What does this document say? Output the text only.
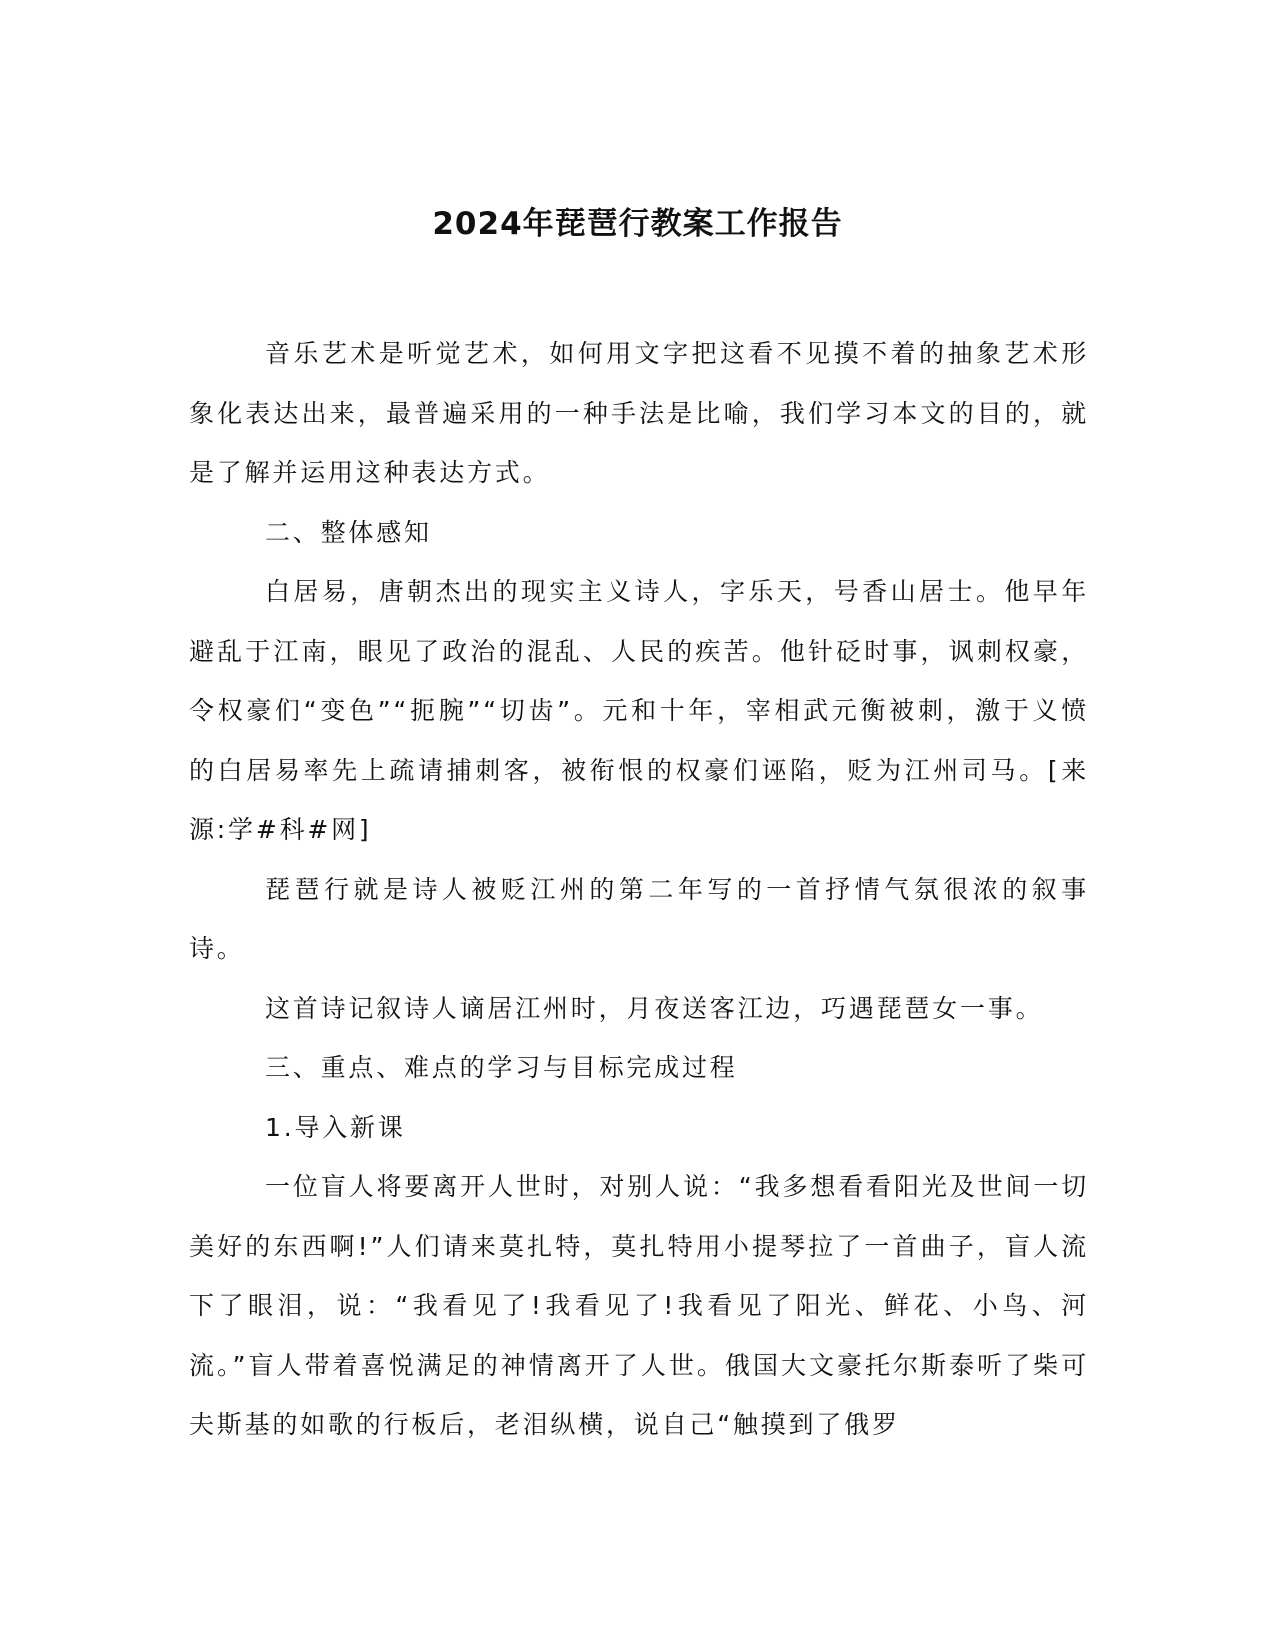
2024年琵琶行教案工作报告

音乐艺术是听觉艺术，如何用文字把这看不见摸不着的抽象艺术形象化表达出来，最普遍采用的一种手法是比喻，我们学习本文的目的，就是了解并运用这种表达方式。

二、整体感知

白居易，唐朝杰出的现实主义诗人，字乐天，号香山居士。他早年避乱于江南，眼见了政治的混乱、人民的疾苦。他针砭时事，讽刺权豪，令权豪们“变色”“扼腕”“切齿”。元和十年，宰相武元衡被刺，激于义愤的白居易率先上疏请捕刺客，被衔恨的权豪们诬陷，贬为江州司马。[来源:学#科#网]

琵琶行就是诗人被贬江州的第二年写的一首抒情气氛很浓的叙事诗。

这首诗记叙诗人谪居江州时，月夜送客江边，巧遇琵琶女一事。

三、重点、难点的学习与目标完成过程

1.导入新课

一位盲人将要离开人世时，对别人说：“我多想看看阳光及世间一切美好的东西啊!”人们请来莫扎特，莫扎特用小提琴拉了一首曲子，盲人流下了眼泪，说：“我看见了!我看见了!我看见了阳光、鲜花、小鸟、河流。”盲人带着喜悦满足的神情离开了人世。俄国大文豪托尔斯泰听了柴可夫斯基的如歌的行板后，老泪纵横，说自己“触摸到了俄罗
